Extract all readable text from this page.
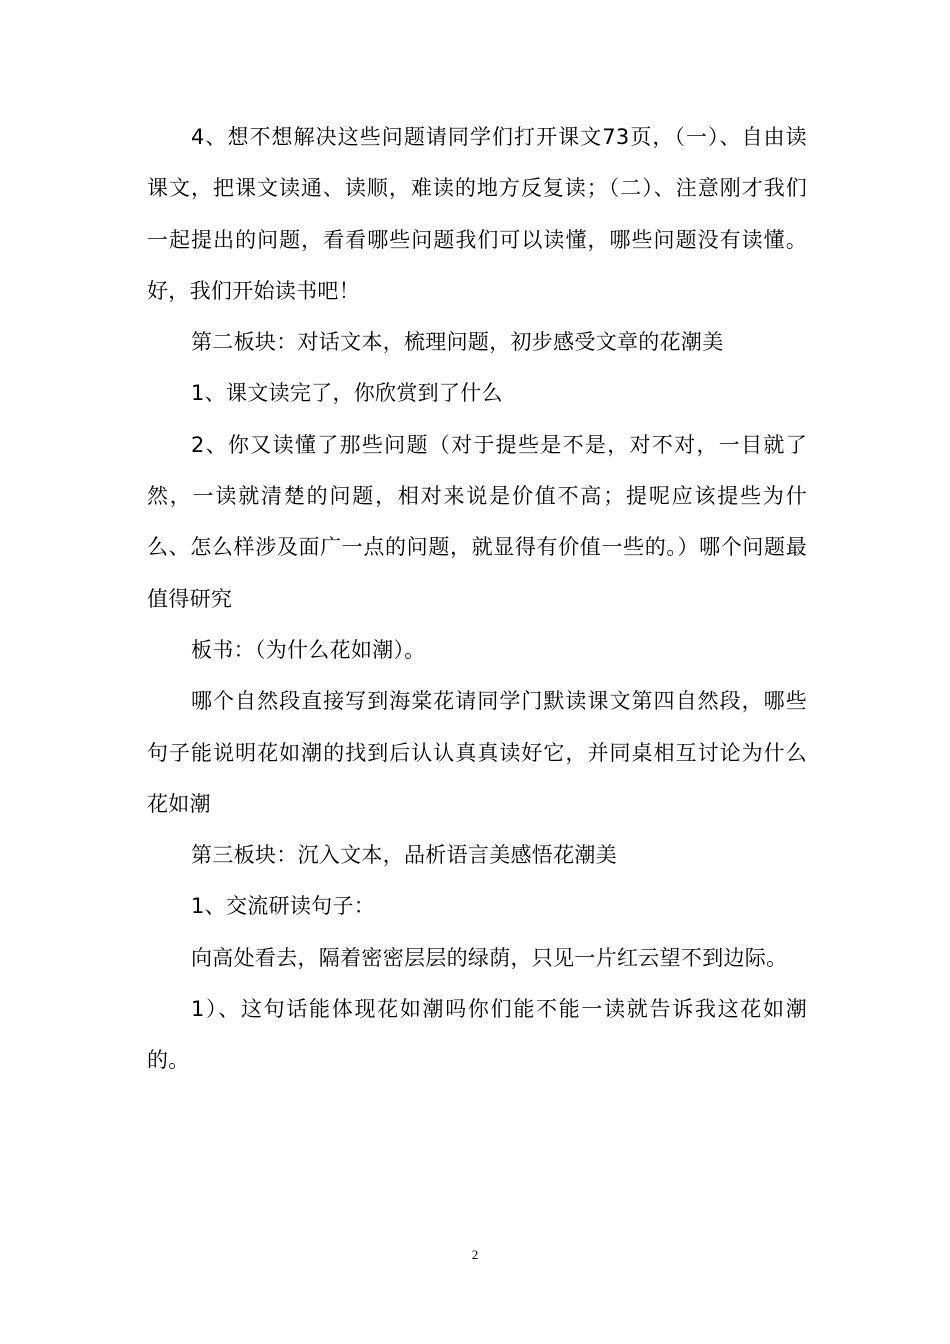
4、想不想解决这些问题请同学们打开课文73页，（一）、自由读课文，把课文读通、读顺，难读的地方反复读；（二）、注意刚才我们一起提出的问题，看看哪些问题我们可以读懂，哪些问题没有读懂。好，我们开始读书吧！

第二板块：对话文本，梳理问题，初步感受文章的花潮美

1、课文读完了，你欣赏到了什么

2、你又读懂了那些问题（对于提些是不是，对不对，一目就了然，一读就清楚的问题，相对来说是价值不高；提呢应该提些为什么、怎么样涉及面广一点的问题，就显得有价值一些的。）哪个问题最值得研究

板书：（为什么花如潮）。

哪个自然段直接写到海棠花请同学门默读课文第四自然段，哪些句子能说明花如潮的找到后认认真真读好它，并同桌相互讨论为什么花如潮

第三板块：沉入文本，品析语言美感悟花潮美

1、交流研读句子：

向高处看去，隔着密密层层的绿荫，只见一片红云望不到边际。

1）、这句话能体现花如潮吗你们能不能一读就告诉我这花如潮的。

2
